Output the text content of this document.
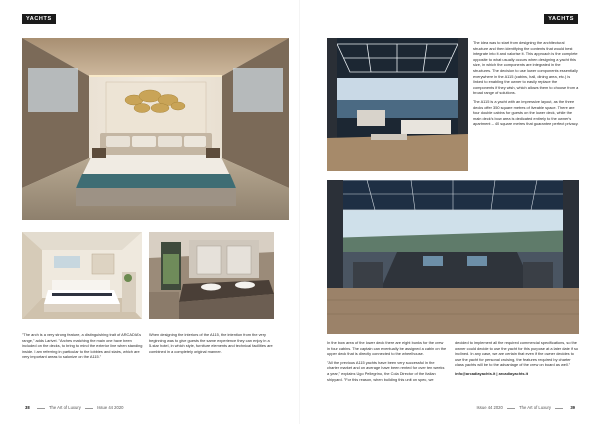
YACHTS
"The arch is a very strong feature, a distinguishing trait of ARCADIA's range," adds Larivei. "Arches matching the main one have been included on the decks, to bring to mind the exterior line when standing inside. I am referring in particular to the lobbies and stairs, which are very important areas to salonize on the A115."
When designing the interiors of the A115, the intention from the very beginning was to give guests the same experience they can enjoy in a 5-star hotel, in which style, furniture elements and technical facilities are combined in a completely original manner.
38	The Art of Luxury	Issue 44 2020
YACHTS

The idea was to start from designing the architectural structure and then identifying the contents that would best integrate into it and valorise it. This approach is the complete opposite to what usually occurs when designing a yacht this size, in which the components are integrated in the structures. The decision to use lower components essentially everywhere in the A115 (cabins, hall, dining area, etc.) is linked to enabling the owner to easily replace the components if they wish, which allows them to choose from a broad range of solutions.

The A115 is a yacht with an impressive layout, as the three decks offer 350 square metres of liveable space. There are four double cabins for guests on the lower deck, while the main deck's bow area is dedicated entirely to the owner's apartment – 40 square metres that guarantee perfect privacy.

In the bow area of the lower deck there are eight bunks for the crew in four cabins. The captain can eventually be assigned a cabin on the upper deck that is directly connected to the wheelhouse.

"All the previous A115 yachts have been very successful in the charter market and on average have been rented for over ten weeks a year," explains Ugo Pellegrino, the Cola Director of the Italian shipyard. "For this reason, when building this unit on spec, we

decided to implement all the required commercial specifications, so the owner could decide to use the yacht for this purpose at a later date if so inclined. In any case, we are certain that even if the owner decides to use the yacht for personal cruising, the features required by charter class yachts will be to the advantage of the crew on board as well."

info@arcadiayachts.it | arcadiayachts.it

Issue 44 2020	The Art of Luxury	39
